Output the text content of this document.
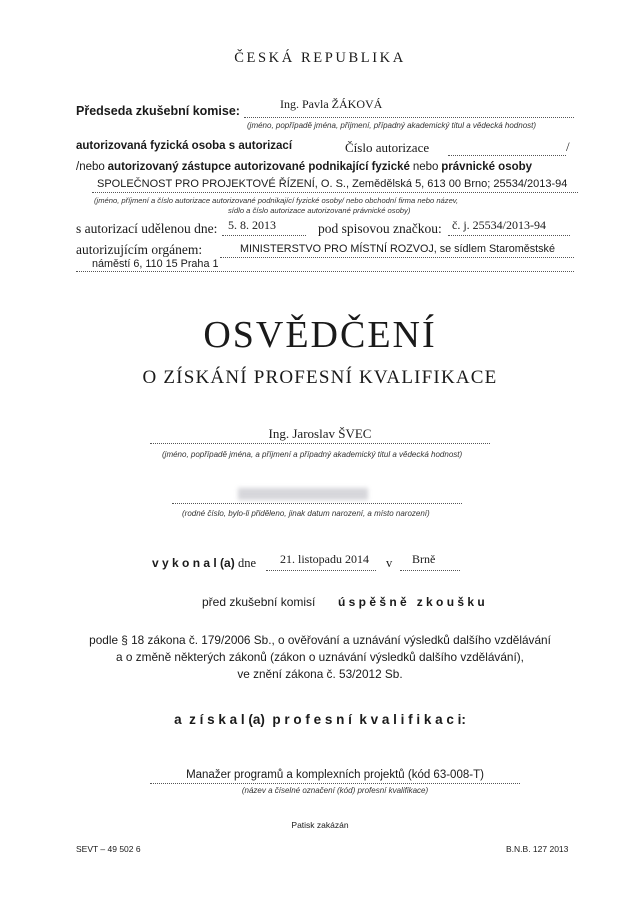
ČESKÁ REPUBLIKA
Předseda zkušební komise:	Ing. Pavla ŽÁKOVÁ
(jméno, popřípadě jména, příjmení, případný akademický titul a vědecká hodnost)
autorizovaná fyzická osoba s autorizací	Číslo autorizace	/
/nebo autorizovaný zástupce autorizované podnikající fyzické nebo právnické osoby
SPOLEČNOST PRO PROJEKTOVÉ ŘÍZENÍ, O. S., Zemědělská 5, 613 00 Brno; 25534/2013-94
(jméno, příjmení a číslo autorizace autorizované podnikající fyzické osoby/ nebo obchodní firma nebo název,
sídlo a číslo autorizace autorizované právnické osoby)
s autorizací udělenou dne: 5. 8. 2013	pod spisovou značkou: č. j. 25534/2013-94
autorizujícím orgánem:	MINISTERSTVO PRO MÍSTNÍ ROZVOJ, se sídlem Staroměstské
náměstí 6, 110 15 Praha 1
OSVĚDČENÍ
O ZÍSKÁNÍ PROFESNÍ KVALIFIKACE
Ing. Jaroslav ŠVEC
(jméno, popřípadě jména, a příjmení a případný akademický titul a vědecká hodnost)
(rodné číslo, bylo-li přiděleno, jinak datum narození, a místo narození)
v y k o n a l (a) dne 21. listopadu 2014 v Brně
před zkušební komisí ú s p ě š n ě   z k o u š k u
podle § 18 zákona č. 179/2006 Sb., o ověřování a uznávání výsledků dalšího vzdělávání
a o změně některých zákonů (zákon o uznávání výsledků dalšího vzdělávání),
ve znění zákona č. 53/2012 Sb.
a  z í s k a l (a)  p r o f e s n í  k v a l i f i k a c i:
Manažer programů a komplexních projektů (kód 63-008-T)
(název a číselné označení (kód) profesní kvalifikace)
Patisk zakázán
SEVT – 49 502 6	B.N.B. 127 2013
